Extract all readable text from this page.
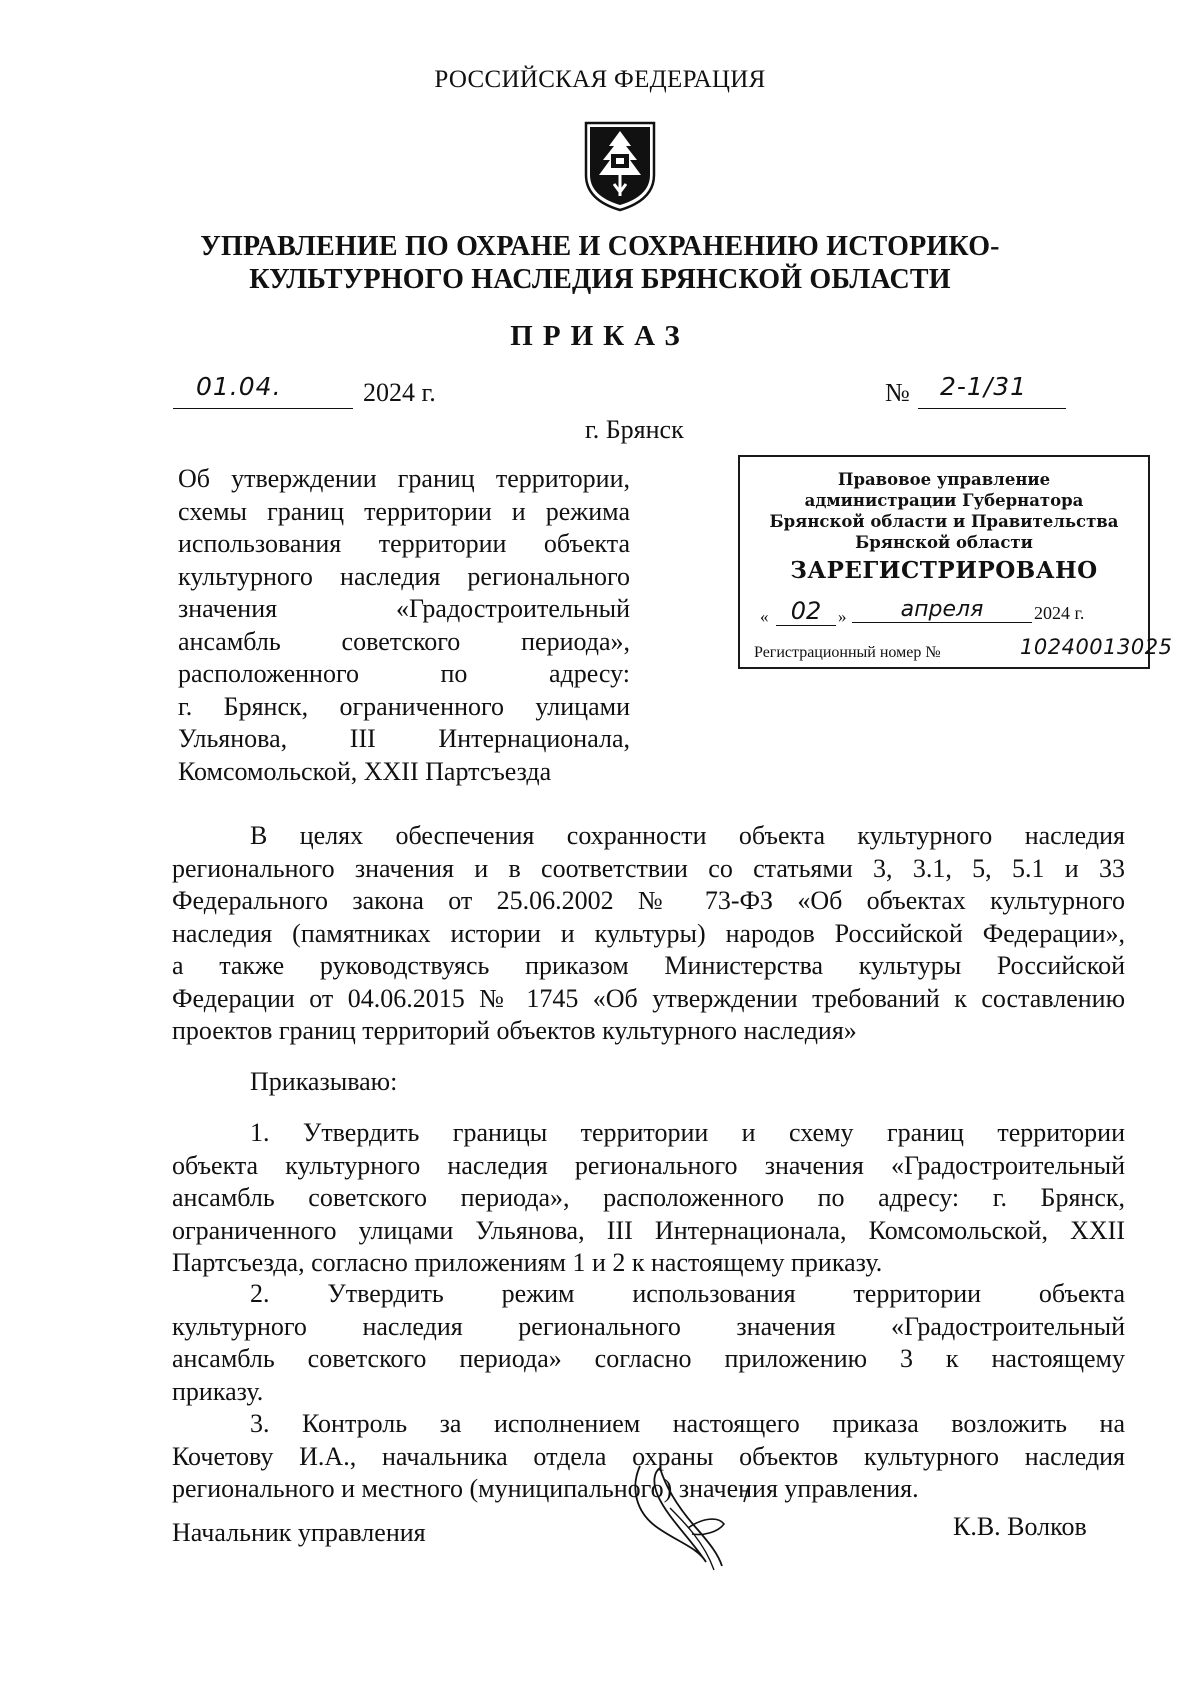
РОССИЙСКАЯ ФЕДЕРАЦИЯ
УПРАВЛЕНИЕ ПО ОХРАНЕ И СОХРАНЕНИЮ ИСТОРИКО-
КУЛЬТУРНОГО НАСЛЕДИЯ БРЯНСКОЙ ОБЛАСТИ
ПРИКАЗ
01.04.	2024 г.	№ 2-1/31
г. Брянск
Об утверждении границ территории,
схемы границ территории и режима
использования территории объекта
культурного наследия регионального
значения «Градостроительный
ансамбль советского периода»,
расположенного по адресу:
г. Брянск, ограниченного улицами
Ульянова, III Интернационала,
Комсомольской, XXII Партсъезда
Правовое управление
администрации Губернатора
Брянской области и Правительства
Брянской области
ЗАРЕГИСТРИРОВАНО
« 02 »	апреля	2024 г.
Регистрационный номер №	10240013025
В целях обеспечения сохранности объекта культурного наследия
регионального значения и в соответствии со статьями 3, 3.1, 5, 5.1 и 33
Федерального закона от 25.06.2002 № 73-ФЗ «Об объектах культурного
наследия (памятниках истории и культуры) народов Российской Федерации»,
а также руководствуясь приказом Министерства культуры Российской
Федерации от 04.06.2015 № 1745 «Об утверждении требований к составлению
проектов границ территорий объектов культурного наследия»
Приказываю:
1. Утвердить границы территории и схему границ территории
объекта культурного наследия регионального значения «Градостроительный
ансамбль советского периода», расположенного по адресу: г. Брянск,
ограниченного улицами Ульянова, III Интернационала, Комсомольской, XXII
Партсъезда, согласно приложениям 1 и 2 к настоящему приказу.
2. Утвердить режим использования территории объекта
культурного наследия регионального значения «Градостроительный
ансамбль советского периода» согласно приложению 3 к настоящему
приказу.
3. Контроль за исполнением настоящего приказа возложить на
Кочетову И.А., начальника отдела охраны объектов культурного наследия
регионального и местного (муниципального) значения управления.
Начальник управления	К.В. Волков
